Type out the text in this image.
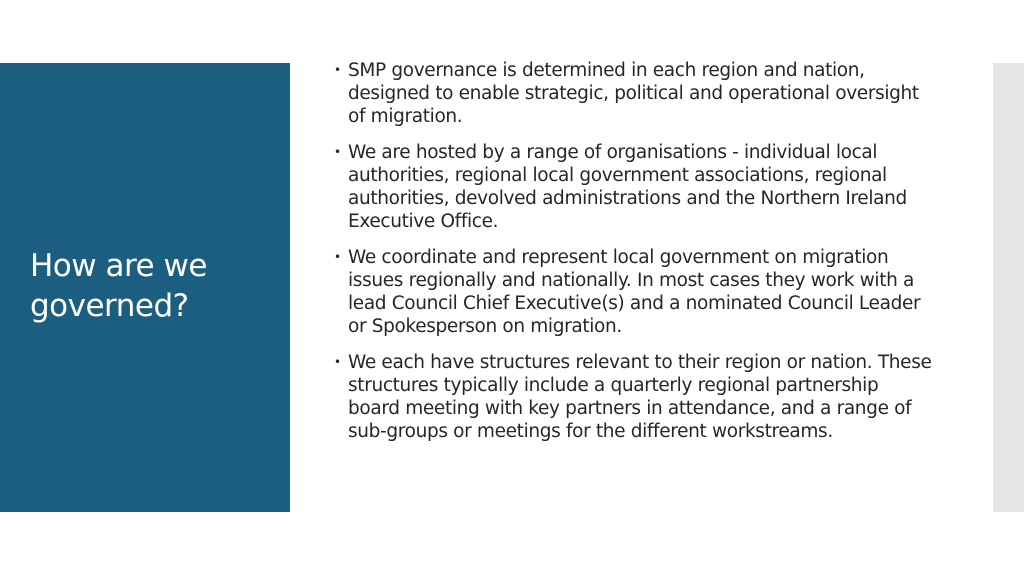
How are we governed?
• SMP governance is determined in each region and nation, designed to enable strategic, political and operational oversight of migration.
• We are hosted by a range of organisations - individual local authorities, regional local government associations, regional authorities, devolved administrations and the Northern Ireland Executive Office.
• We coordinate and represent local government on migration issues regionally and nationally. In most cases they work with a lead Council Chief Executive(s) and a nominated Council Leader or Spokesperson on migration.
• We each have structures relevant to their region or nation. These structures typically include a quarterly regional partnership board meeting with key partners in attendance, and a range of sub-groups or meetings for the different workstreams.
